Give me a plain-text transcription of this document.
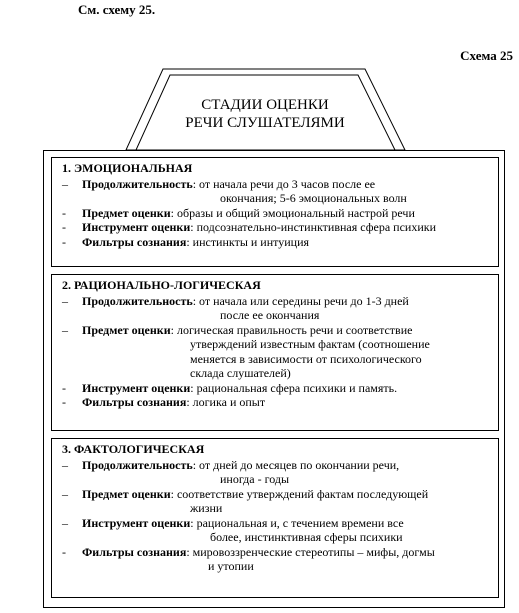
См. схему 25.
Схема 25
СТАДИИ ОЦЕНКИ
РЕЧИ СЛУШАТЕЛЯМИ
1. ЭМОЦИОНАЛЬНАЯ
–	Продолжительность: от начала речи до 3 часов после ее
окончания; 5-6 эмоциональных волн
-	Предмет оценки: образы и общий эмоциональный настрой речи
-	Инструмент оценки: подсознательно-инстинктивная сфера психики
-	Фильтры сознания: инстинкты и интуиция
2. РАЦИОНАЛЬНО-ЛОГИЧЕСКАЯ
–	Продолжительность: от начала или середины речи до 1-3 дней
после ее окончания
–	Предмет оценки: логическая правильность речи и соответствие
утверждений известным фактам (соотношение
меняется в зависимости от психологического
склада слушателей)
-	Инструмент оценки: рациональная сфера психики и память.
-	Фильтры сознания: логика и опыт
3. ФАКТОЛОГИЧЕСКАЯ
–	Продолжительность: от дней до месяцев по окончании речи,
иногда - годы
–	Предмет оценки: соответствие утверждений фактам последующей
жизни
–	Инструмент оценки: рациональная и, с течением времени все
более, инстинктивная сферы психики
-	Фильтры сознания: мировоззренческие стереотипы – мифы, догмы
и утопии
